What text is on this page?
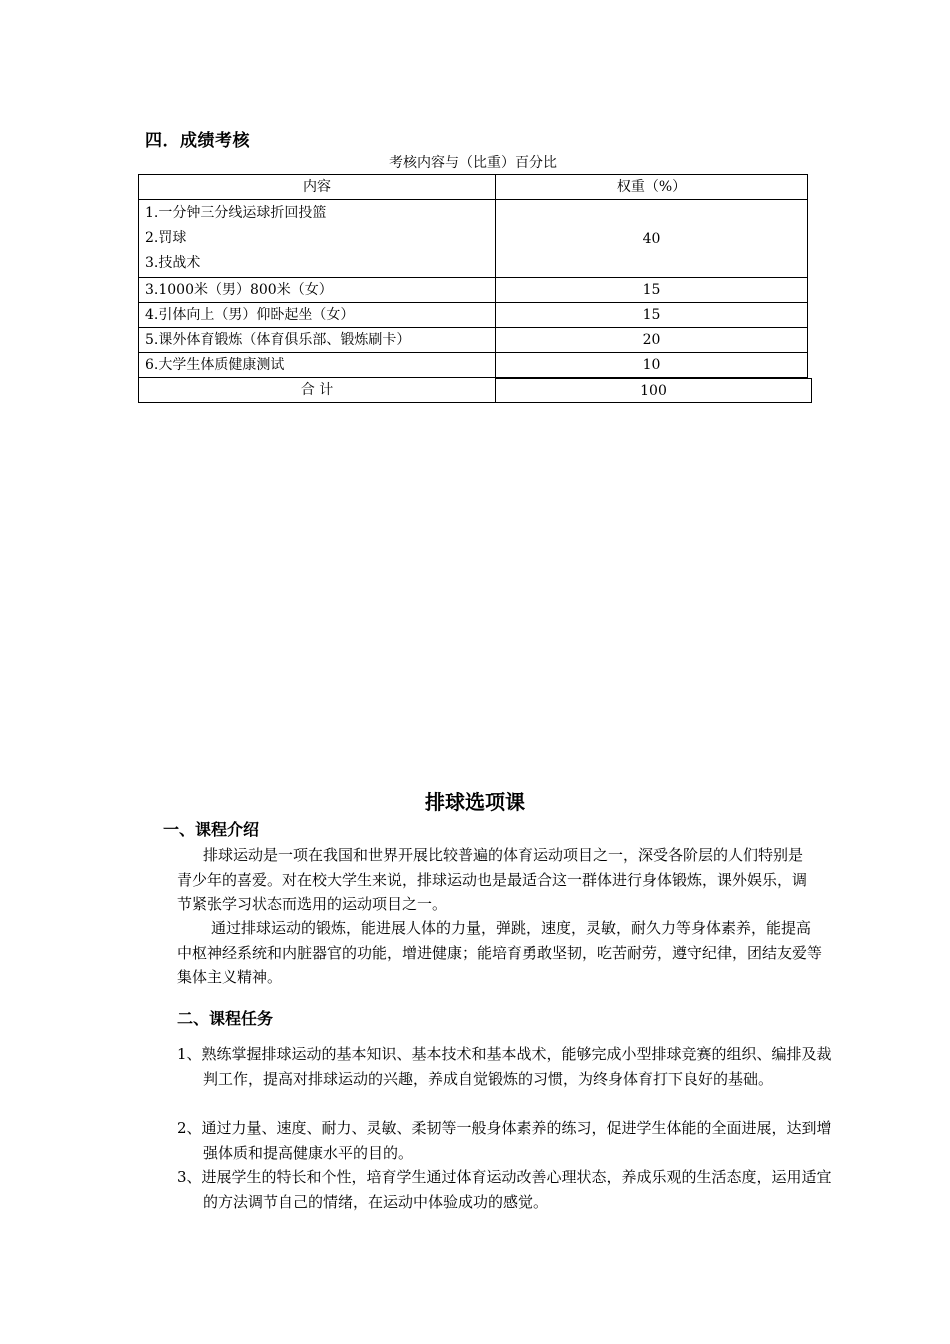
四．成绩考核
考核内容与（比重）百分比
内容	权重（%）

1.一分钟三分线运球折回投篮
2.罚球
3.技战术	40
3.1000米（男）800米（女）	15
4.引体向上（男）仰卧起坐（女）	15
5.课外体育锻炼（体育俱乐部、锻炼刷卡）	20
6.大学生体质健康测试	10
合 计	100
排球选项课
一、课程介绍
排球运动是一项在我国和世界开展比较普遍的体育运动项目之一，深受各阶层的人们特别是青少年的喜爱。对在校大学生来说，排球运动也是最适合这一群体进行身体锻炼，课外娱乐，调节紧张学习状态而选用的运动项目之一。
通过排球运动的锻炼，能进展人体的力量，弹跳，速度，灵敏，耐久力等身体素养，能提高中枢神经系统和内脏器官的功能，增进健康；能培育勇敢坚韧，吃苦耐劳，遵守纪律，团结友爱等集体主义精神。
二、课程任务
1、熟练掌握排球运动的基本知识、基本技术和基本战术，能够完成小型排球竞赛的组织、编排及裁判工作，提高对排球运动的兴趣，养成自觉锻炼的习惯，为终身体育打下良好的基础。
2、通过力量、速度、耐力、灵敏、柔韧等一般身体素养的练习，促进学生体能的全面进展，达到增强体质和提高健康水平的目的。
3、进展学生的特长和个性，培育学生通过体育运动改善心理状态，养成乐观的生活态度，运用适宜的方法调节自己的情绪，在运动中体验成功的感觉。
